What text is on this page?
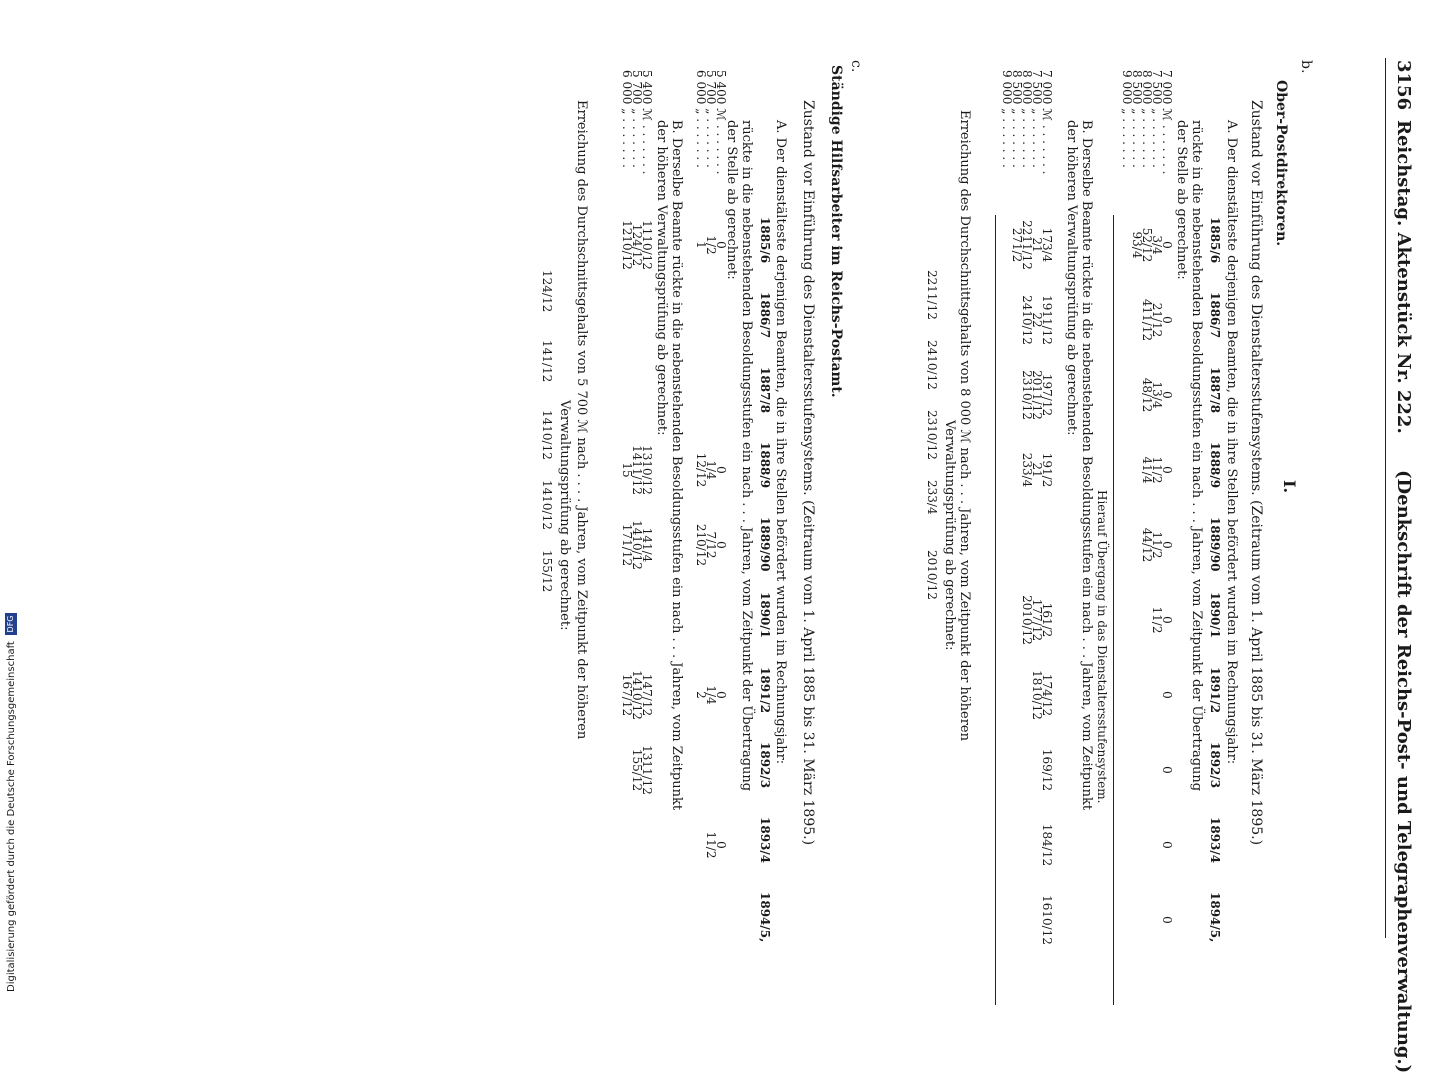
3156
Reichstag. Aktenstück Nr. 222.
(Denkschrift der Reichs-Post- und Telegraphenverwaltung.)
b.
I.
Ober-Postdirektoren.
Zustand vor Einführung des Dienstaltersstufensystems. (Zeitraum vom 1. April 1885 bis 31. März 1895.)
A. Der dienstälteste derjenigen Beamten, die in ihre Stellen befördert wurden im Rechnungsjahr:
rückte in die nebenstehenden Besoldungsstufen ein nach . . . Jahren, vom Zeitpunkt der Übertragung
der Stelle ab gerechnet:
7 000 ℳ . . . . . . .
7 500 „ . . . . . . .
8 000 „ . . . . . . .
8 500 „ . . . . . . .
9 000 „ . . . . . . .
Hierauf Übergang in das Dienstaltersstufensystem.
B. Derselbe Beamte rückte in die nebenstehenden Besoldungsstufen ein nach . . . Jahren, vom Zeitpunkt
der höheren Verwaltungsprüfung ab gerechnet:
7 000 ℳ . . . . . . .
7 500 „ . . . . . . .
8 000 „ . . . . . . .
8 500 „ . . . . . . .
9 000 „ . . . . . . .
Erreichung des Durchschnittsgehalts von 8 000 ℳ nach . . . Jahren, vom Zeitpunkt der höheren
Verwaltungsprüfung ab gerechnet:
c.
Ständige Hilfsarbeiter im Reichs-Postamt.
Zustand vor Einführung des Dienstaltersstufensystems. (Zeitraum vom 1. April 1885 bis 31. März 1895.)
A. Der dienstälteste derjenigen Beamten, die in ihre Stellen befördert wurden im Rechnungsjahr:
rückte in die nebenstehenden Besoldungsstufen ein nach . . . Jahren, vom Zeitpunkt der Übertragung
der Stelle ab gerechnet:
5 400 ℳ . . . . . . .
5 700 „ . . . . . . .
6 000 „ . . . . . . .
B. Derselbe Beamte rückte in die nebenstehenden Besoldungsstufen ein nach . . . Jahren, vom Zeitpunkt
der höheren Verwaltungsprüfung ab gerechnet:
5 400 ℳ . . . . . . .
5 700 „ . . . . . . .
6 000 „ . . . . . . .
Erreichung des Durchschnittsgehalts von 5 700 ℳ nach . . . . Jahren, vom Zeitpunkt der höheren
Verwaltungsprüfung ab gerechnet:
1885/6
1886/7
1887/8
1888/9
1889/90
1890/1
1891/2
1892/3
1893/4
1894/5,
0
3/4
52/12
93/4
0
21/12
411/12
0
13/4
48/12
0
11/2
41/4
0
11/2
44/12
0
11/2
0
0
0
0
173/4
21
2211/12
271/2
1911/12
22
2410/12
197/12
2011/12
2310/12
191/2
21
233/4
161/2
177/12
2010/12
174/12
1810/12
169/12
184/12
1610/12
2211/12
2410/12
2310/12
233/4
2010/12
1885/6
1886/7
1887/8
1888/9
1889/90
1890/1
1891/2
1892/3
1893/4
1894/5,
0
1/2
1
0
1/4
12/12
0
7/12
210/12
0
1/4
2
0
11/2
1110/12
124/12
1210/12
1310/12
1411/12
15
141/4
1410/12
171/12
147/12
1410/12
167/12
1311/12
155/12
124/12
141/12
1410/12
1410/12
155/12
Digitalisierung gefördert durch die Deutsche Forschungsgemeinschaft DFG
